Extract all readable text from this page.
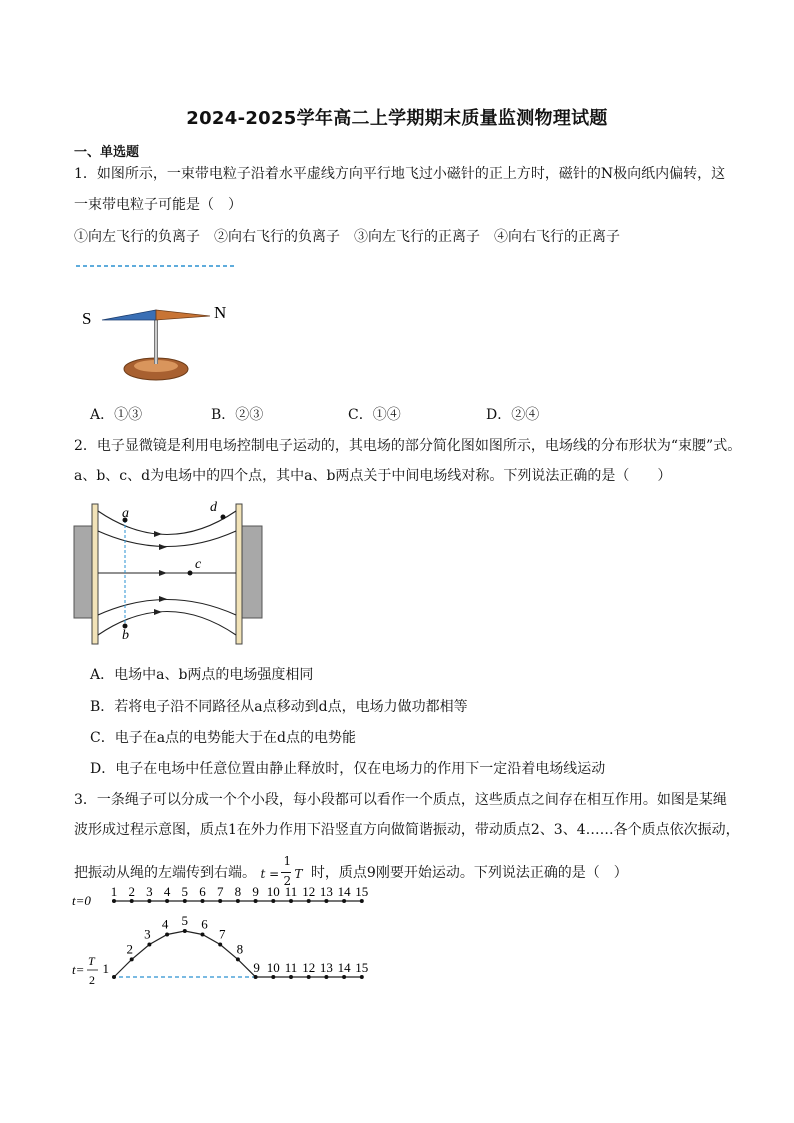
2024-2025学年高二上学期期末质量监测物理试题
一、单选题
1．如图所示，一束带电粒子沿着水平虚线方向平行地飞过小磁针的正上方时，磁针的N极向纸内偏转，这
一束带电粒子可能是（　）
①向左飞行的负离子　②向右飞行的负离子　③向左飞行的正离子　④向右飞行的正离子
S	N
A．①③	B．②③	C．①④	D．②④
2．电子显微镜是利用电场控制电子运动的，其电场的部分简化图如图所示，电场线的分布形状为“束腰”式。
a、b、c、d为电场中的四个点，其中a、b两点关于中间电场线对称。下列说法正确的是（　　）
a
b
c
d
A．电场中a、b两点的电场强度相同
B．若将电子沿不同路径从a点移动到d点，电场力做功都相等
C．电子在a点的电势能大于在d点的电势能
D．电子在电场中任意位置由静止释放时，仅在电场力的作用下一定沿着电场线运动
3．一条绳子可以分成一个个小段，每小段都可以看作一个质点，这些质点之间存在相互作用。如图是某绳
波形成过程示意图，质点1在外力作用下沿竖直方向做简谐振动，带动质点2、3、4……各个质点依次振动，
把振动从绳的左端传到右端。 t =
1
2 T 时，质点9刚要开始运动。下列说法正确的是（　）
t=0
1 2 3 4 5 6 7 8 9 10 11 12 13 14 15
t=
T
2
1
2
3
4 5 6
7
8
9 10 11 12 13 14 15
